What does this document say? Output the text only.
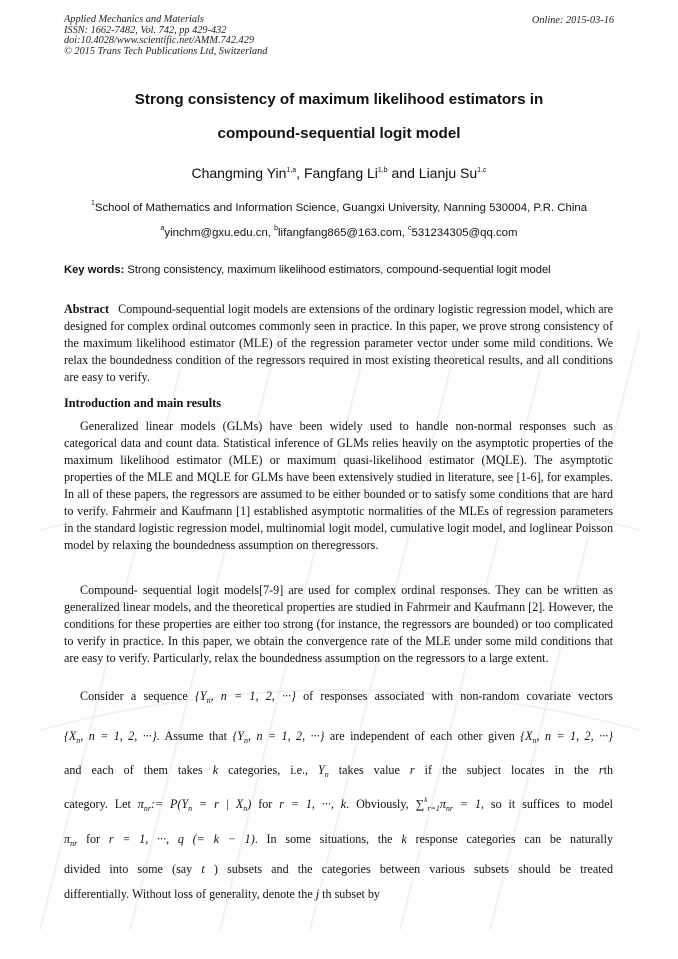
Applied Mechanics and Materials
ISSN: 1662-7482, Vol. 742, pp 429-432
doi:10.4028/www.scientific.net/AMM.742.429
© 2015 Trans Tech Publications Ltd, Switzerland
Online: 2015-03-16
Strong consistency of maximum likelihood estimators in
compound-sequential logit model
Changming Yin$^{1,a}$, Fangfang Li$^{1,b}$ and Lianju Su$^{1,c}$
$^1$School of Mathematics and Information Science, Guangxi University, Nanning 530004, P.R. China
$^a$yinchm@gxu.edu.cn, $^b$lifangfang865@163.com, $^c$531234305@qq.com
Key words: Strong consistency, maximum likelihood estimators, compound-sequential logit model
Abstract Compound-sequential logit models are extensions of the ordinary logistic regression model, which are designed for complex ordinal outcomes commonly seen in practice. In this paper, we prove strong consistency of the maximum likelihood estimator (MLE) of the regression parameter vector under some mild conditions. We relax the boundedness condition of the regressors required in most existing theoretical results, and all conditions are easy to verify.
Introduction and main results
Generalized linear models (GLMs) have been widely used to handle non-normal responses such as categorical data and count data. Statistical inference of GLMs relies heavily on the asymptotic properties of the maximum likelihood estimator (MLE) or maximum quasi-likelihood estimator (MQLE). The asymptotic properties of the MLE and MQLE for GLMs have been extensively studied in literature, see [1-6], for examples. In all of these papers, the regressors are assumed to be either bounded or to satisfy some conditions that are hard to verify. Fahrmeir and Kaufmann [1] established asymptotic normalities of the MLEs of regression parameters in the standard logistic regression model, multinomial logit model, cumulative logit model, and loglinear Poisson model by relaxing the boundedness assumption on theregressors.
Compound- sequential logit models[7-9] are used for complex ordinal responses. They can be written as generalized linear models, and the theoretical properties are studied in Fahrmeir and Kaufmann [2]. However, the conditions for these properties are either too strong (for instance, the regressors are bounded) or too complicated to verify in practice. In this paper, we obtain the convergence rate of the MLE under some mild conditions that are easy to verify. Particularly, relax the boundedness assumption on the regressors to a large extent.
Consider a sequence {$Y_n$, n = 1, 2, ···} of responses associated with non-random covariate vectors
{$X_n$, n = 1, 2, ···}. Assume that {$Y_n$, n = 1, 2, ···} are independent of each other given {$X_n$, n = 1, 2, ···}
and each of them takes k categories, i.e., $Y_n$ takes value r if the subject locates in the rth
category. Let $\pi_{nr}:= P(Y_n = r$ | $X_n$) for r = 1, ···, k. Obviously, $\sum^k_{r=1}\pi_{nr} = 1$, so it suffices to model
$\pi_{nr}$ for r = 1, ···, q (= k − 1). In some situations, the k response categories can be naturally
divided into some (say t ) subsets and the categories between various subsets should be treated
differentially. Without loss of generality, denote the j th subset by
